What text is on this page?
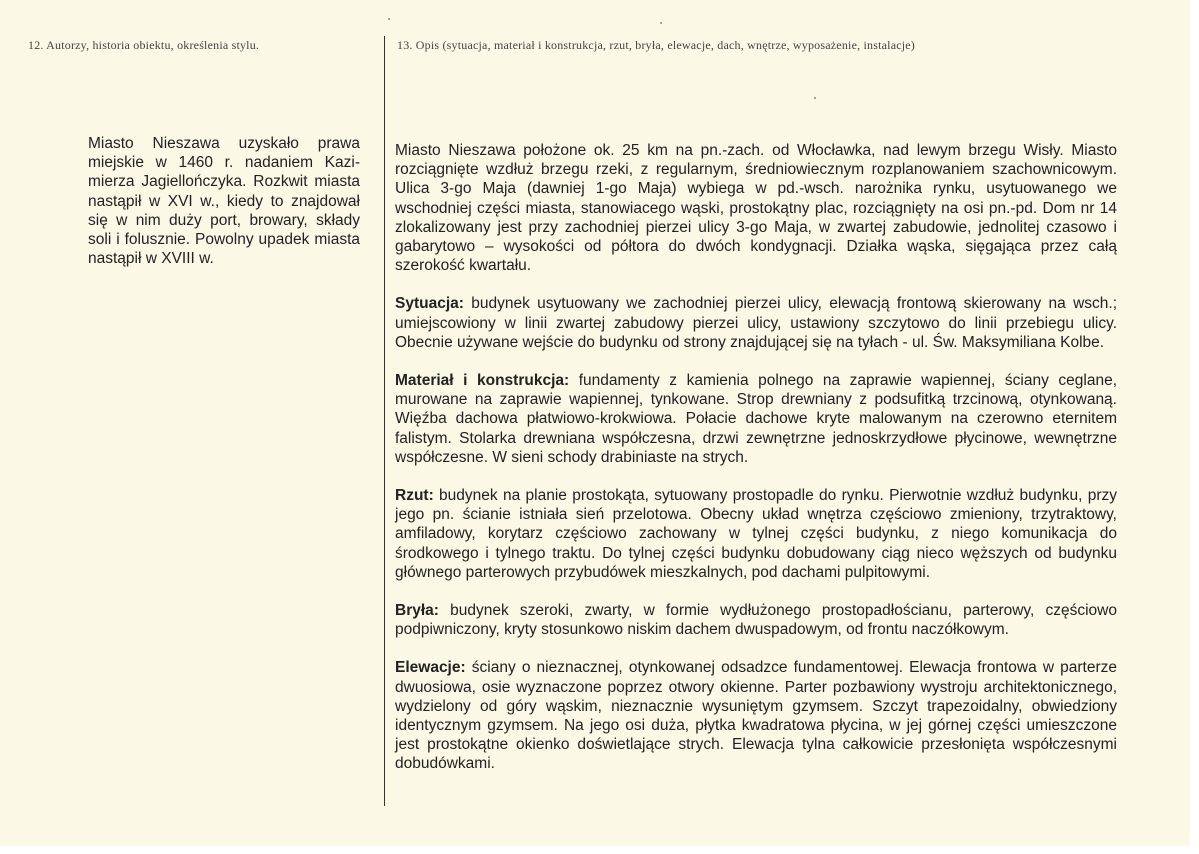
12. Autorzy, historia obiektu, określenia stylu.	13. Opis (sytuacja, materiał i konstrukcja, rzut, bryła, elewacje, dach, wnętrze, wyposażenie, instalacje)

Miasto Nieszawa uzyskało prawa miejskie w 1460 r. nadaniem Kazimierza Jagiellończyka. Rozkwit miasta nastąpił w XVI w., kiedy to znajdował się w nim duży port, browary, składy soli i folusznie. Powolny upadek miasta nastąpił w XVIII w.

Miasto Nieszawa położone ok. 25 km na pn.-zach. od Włocławka, nad lewym brzegu Wisły. Miasto rozciągnięte wzdłuż brzegu rzeki, z regularnym, średniowiecznym rozplanowaniem szachownicowym. Ulica 3-go Maja (dawniej 1-go Maja) wybiega w pd.-wsch. narożnika rynku, usytuowanego we wschodniej części miasta, stanowiacego wąski, prostokątny plac, rozciągnięty na osi pn.-pd. Dom nr 14 zlokalizowany jest przy zachodniej pierzei ulicy 3-go Maja, w zwartej zabudowie, jednolitej czasowo i gabarytowo – wysokości od półtora do dwóch kondygnacji. Działka wąska, sięgająca przez całą szerokość kwartału.

Sytuacja: budynek usytuowany we zachodniej pierzei ulicy, elewacją frontową skierowany na wsch.; umiejscowiony w linii zwartej zabudowy pierzei ulicy, ustawiony szczytowo do linii przebiegu ulicy. Obecnie używane wejście do budynku od strony znajdującej się na tyłach - ul. Św. Maksymiliana Kolbe.

Materiał i konstrukcja: fundamenty z kamienia polnego na zaprawie wapiennej, ściany ceglane, murowane na zaprawie wapiennej, tynkowane. Strop drewniany z podsufitką trzcinową, otynkowaną. Więźba dachowa płatwiowo-krokwiowa. Połacie dachowe kryte malowanym na czerowno eternitem falistym. Stolarka drewniana współczesna, drzwi zewnętrzne jednoskrzydłowe płycinowe, wewnętrzne współczesne. W sieni schody drabiniaste na strych.

Rzut: budynek na planie prostokąta, sytuowany prostopadle do rynku. Pierwotnie wzdłuż budynku, przy jego pn. ścianie istniała sień przelotowa. Obecny układ wnętrza częściowo zmieniony, trzytraktowy, amfiladowy, korytarz częściowo zachowany w tylnej części budynku, z niego komunikacja do środkowego i tylnego traktu. Do tylnej części budynku dobudowany ciąg nieco węższych od budynku głównego parterowych przybudówek mieszkalnych, pod dachami pulpitowymi.

Bryła: budynek szeroki, zwarty, w formie wydłużonego prostopadłościanu, parterowy, częściowo podpiwniczony, kryty stosunkowo niskim dachem dwuspadowym, od frontu naczółkowym.

Elewacje: ściany o nieznacznej, otynkowanej odsadzce fundamentowej. Elewacja frontowa w parterze dwuosiowa, osie wyznaczone poprzez otwory okienne. Parter pozbawiony wystroju architektonicznego, wydzielony od góry wąskim, nieznacznie wysuniętym gzymsem. Szczyt trapezoidalny, obwiedziony identycznym gzymsem. Na jego osi duża, płytka kwadratowa płycina, w jej górnej części umieszczone jest prostokątne okienko doświetlające strych. Elewacja tylna całkowicie przesłonięta współczesnymi dobudówkami.
